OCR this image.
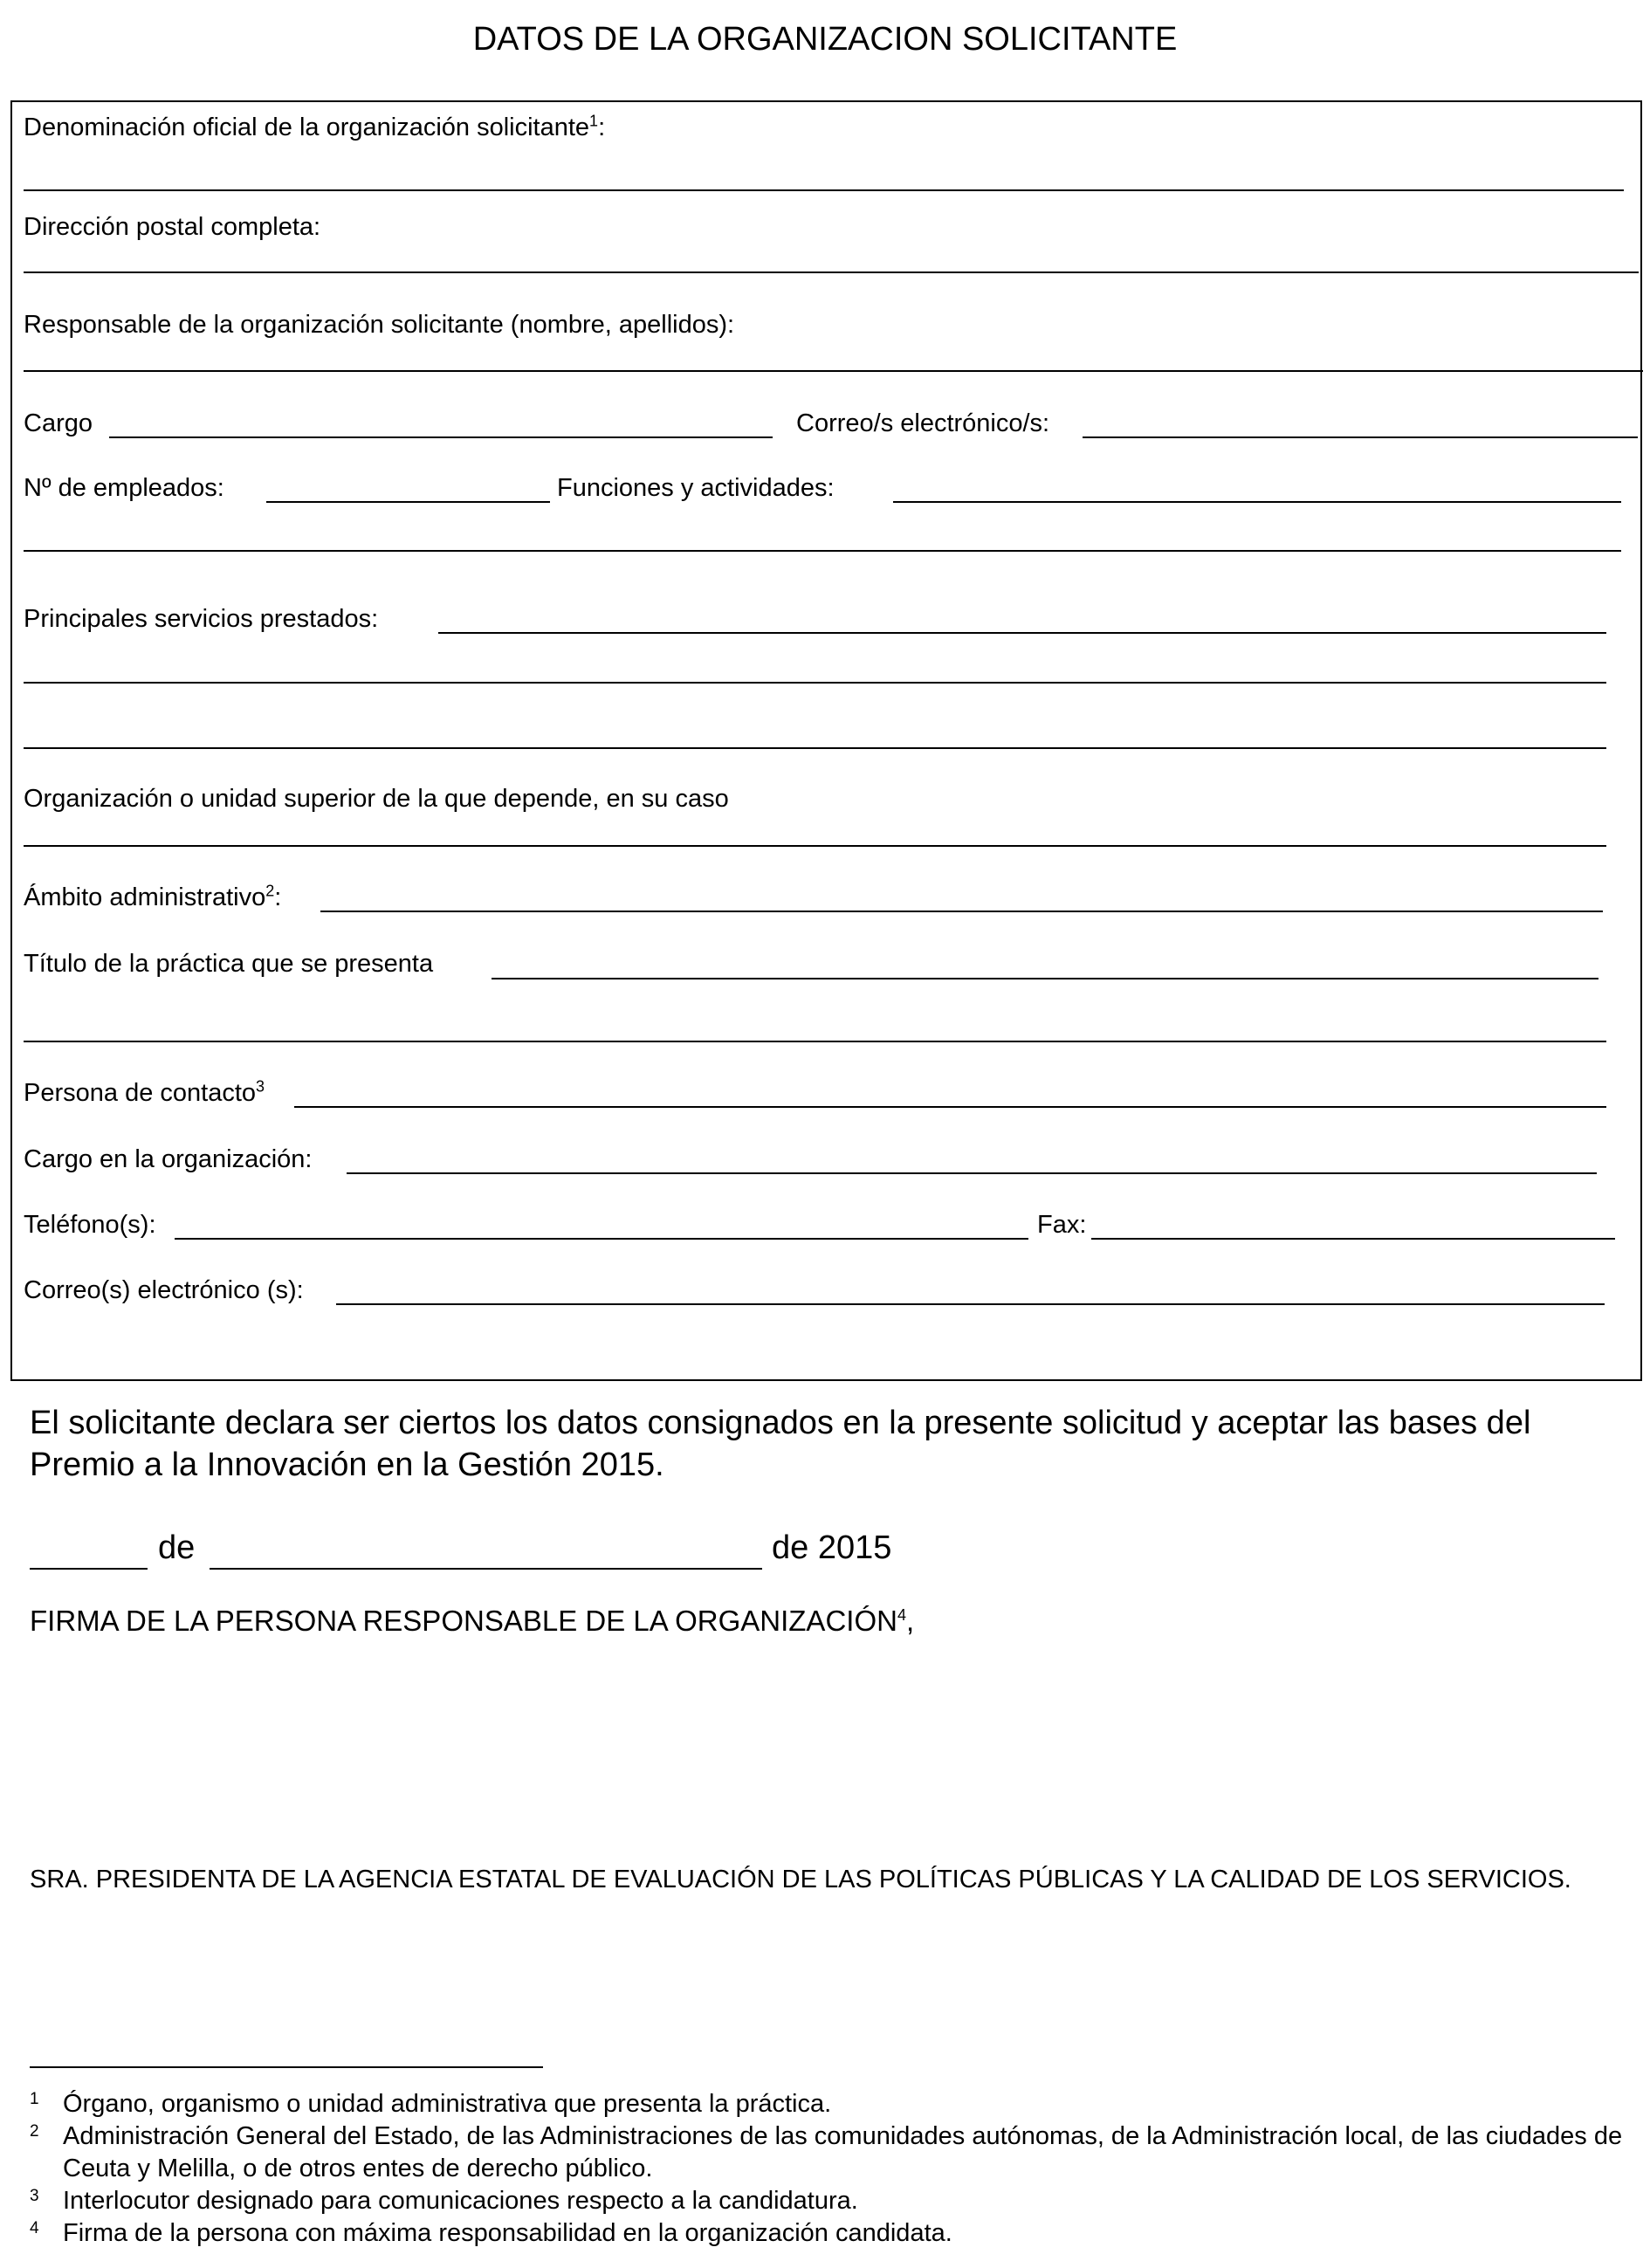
DATOS DE LA ORGANIZACION SOLICITANTE
Denominación oficial de la organización solicitante$^1$:
Dirección postal completa:
Responsable de la organización solicitante (nombre, apellidos):
Cargo	Correo/s electrónico/s:
Nº de empleados:	Funciones y actividades:
Principales servicios prestados:
Organización o unidad superior de la que depende, en su caso
Ámbito administrativo$^2$:
Título de la práctica que se presenta
Persona de contacto$^3$
Cargo en la organización:
Teléfono(s):	Fax:
Correo(s) electrónico (s):
El solicitante declara ser ciertos los datos consignados en la presente solicitud y aceptar las bases del Premio a la Innovación en la Gestión 2015.
de	de 2015
FIRMA DE LA PERSONA RESPONSABLE DE LA ORGANIZACIÓN$^4$,
SRA. PRESIDENTA DE LA AGENCIA ESTATAL DE EVALUACIÓN DE LAS POLÍTICAS PÚBLICAS Y LA CALIDAD DE LOS SERVICIOS.
1 Órgano, organismo o unidad administrativa que presenta la práctica.
2 Administración General del Estado, de las Administraciones de las comunidades autónomas, de la Administración local, de las ciudades de Ceuta y Melilla, o de otros entes de derecho público.
3 Interlocutor designado para comunicaciones respecto a la candidatura.
4 Firma de la persona con máxima responsabilidad en la organización candidata.
